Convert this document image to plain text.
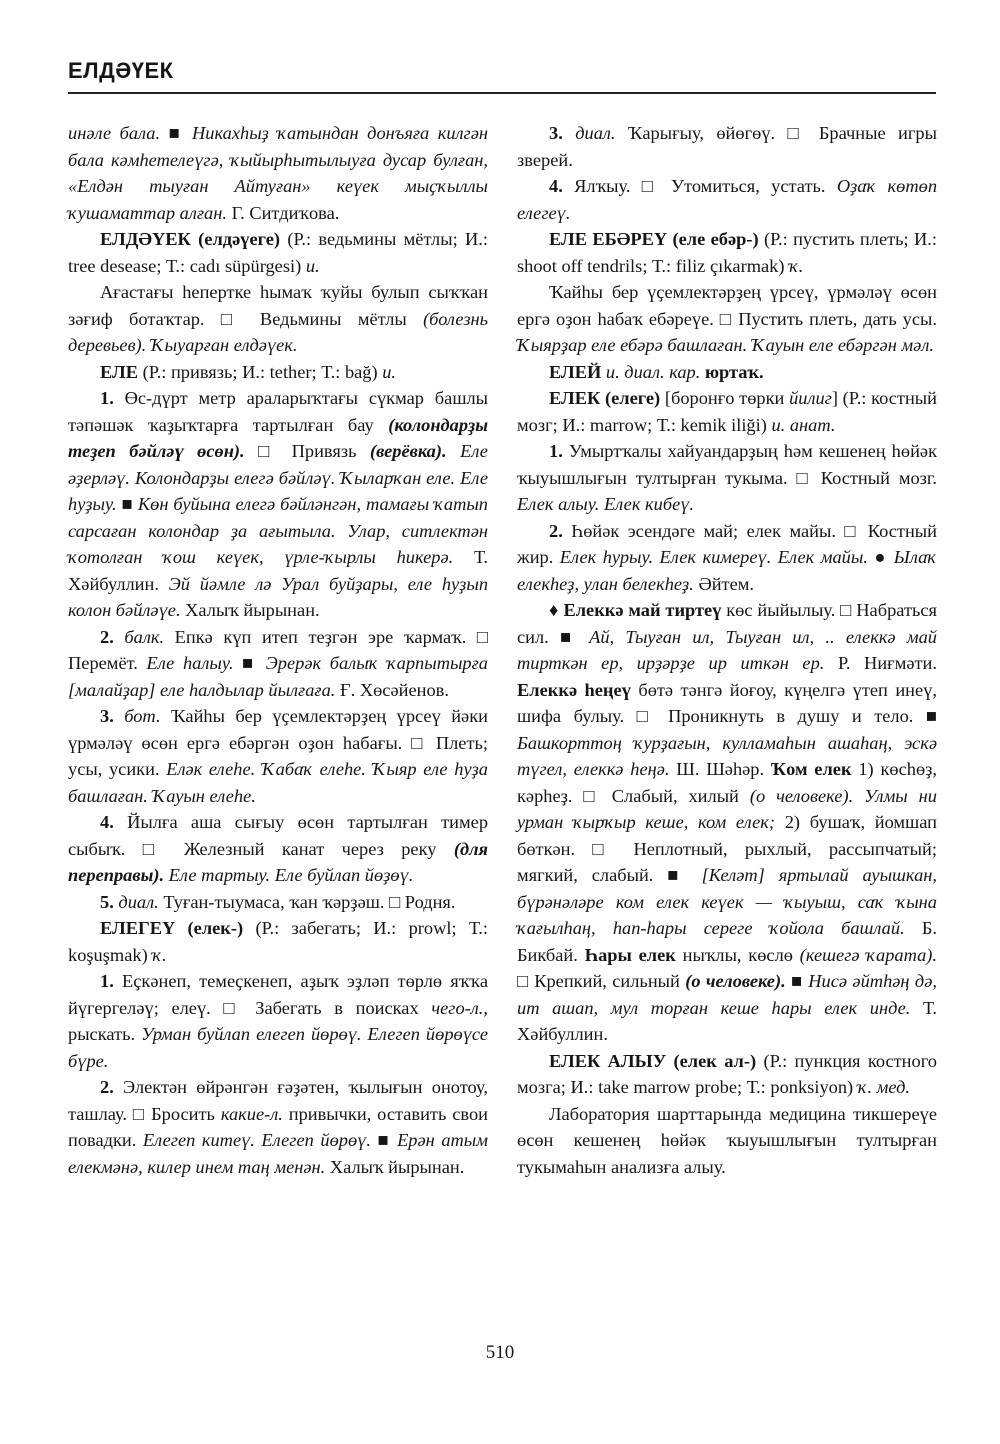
ЕЛДӘҮЕК

инәле бала. ■ Никахһыҙ ҡатындан донъяға килгән бала кәмһетелеүгә, ҡыйырһытылыуға дусар булған, «Елдән тыуған Айтуған» кеүек мыҫҡыллы ҡушаматтар алған. Г. Ситдиҡова.

ЕЛДӘҮЕК (елдәүеге) (Р.: ведьмины мётлы; И.: tree desease; Т.: cadı süpürgesi) и.

Ағастағы һепертке һымаҡ ҡуйы булып сыҡҡан зәғиф ботаҡтар. □ Ведьмины мётлы (болезнь деревьев). Ҡыуарған елдәүек.

ЕЛЕ (Р.: привязь; И.: tether; Т.: bağ) и.

1. Өс-дүрт метр араларыҡтағы сүкмар башлы тәпәшәк ҡаҙыҡтарға тартылған бау (колондарҙы теҙеп бәйләү өсөн). □ Привязь (верёвка). Еле әҙерләү. Колондарҙы елегә бәйләү. Ҡыларҡан еле. Еле һуҙыу. ■ Көн буйына елегә бәйләнгән, тамағы ҡатып сарсаған колондар ҙа ағытыла. Улар, ситлектән ҡотолған ҡош кеүек, үрле-ҡырлы һикерә. Т. Хәйбуллин. Эй йәмле лә Урал буйҙары, еле һуҙып колон бәйләүе. Халыҡ йырынан.

2. балк. Епкә күп итеп теҙгән эре ҡармаҡ. □ Перемёт. Еле һалыу. ■ Эрерәк балыҡ ҡарпытырға [малайҙар] еле һалдылар йылғаға. Ғ. Хөсәйенов.

3. бот. Ҡайһы бер үҫемлектәрҙең үрсеү йәки үрмәләү өсөн ергә ебәргән оҙон һабағы. □ Плеть; усы, усики. Еләк елеһе. Ҡабаҡ елеһе. Ҡыяр еле һуҙа башлаған. Ҡауын елеһе.

4. Йылға аша сығыу өсөн тартылған тимер сыбыҡ. □ Железный канат через реку (для переправы). Еле тартыу. Еле буйлап йөҙөү.

5. диал. Туған-тыумаса, ҡан ҡәрҙәш. □ Родня.

ЕЛЕГЕҮ (елек-) (Р.: забегать; И.: prowl; Т.: koşuşmak) ҡ.

1. Еҫкәнеп, темеҫкенеп, аҙыҡ эҙләп төрлө яҡҡа йүгергеләү; елеү. □ Забегать в поисках чего-л., рыскать. Урман буйлап елегеп йөрөү. Елегеп йөрөүсе бүре.

2. Электән өйрәнгән ғәҙәтен, ҡылығын онотоу, ташлау. □ Бросить какие-л. привычки, оставить свои повадки. Елегеп китеү. Елегеп йөрөү. ■ Ерән атым елекмәнә, килер инем таң менән. Халыҡ йырынан.

3. диал. Ҡарығыу, өйөгөү. □ Брачные игры зверей.

4. Ялҡыу. □ Утомиться, устать. Оҙаҡ көтөп елегеү.

ЕЛЕ ЕБӘРЕҮ (еле ебәр-) (Р.: пустить плеть; И.: shoot off tendrils; Т.: filiz çıkarmak) ҡ.

Ҡайһы бер үҫемлектәрҙең үрсеү, үрмәләү өсөн ергә оҙон һабаҡ ебәреүе. □ Пустить плеть, дать усы. Ҡыярҙар еле ебәрә башлаған. Ҡауын еле ебәргән мәл.

ЕЛЕЙ и. диал. кар. юртаҡ.

ЕЛЕК (елеге) [боронғо төрки йилиг] (Р.: костный мозг; И.: marrow; Т.: kemik iliği) и. анат.

1. Умыртҡалы хайуандарҙың һәм кешенең һөйәк ҡыуышлығын тултырған тукыма. □ Костный мозг. Елек алыу. Елек кибеү.

2. Һөйәк эсендәге май; елек майы. □ Костный жир. Елек һурыу. Елек кимереү. Елек майы. ● Ылаҡ елекһеҙ, улан белекһеҙ. Әйтем.

♦ Елеккә май тиртеү көс йыйылыу. □ Набраться сил. ■ Ай, Тыуған ил, Тыуған ил, .. елеккә май тирткән ер, ирҙәрҙе ир иткән ер. Р. Ниғмәти. Елеккә һеңеү бөтә тәнгә йоғоу, күңелгә үтеп инеү, шифа булыу. □ Проникнуть в душу и тело. ■ Башкорттоң ҡурҙағын, кулламаһын ашаһаң, эскә түгел, елеккә һеңә. Ш. Шәһәр. Ҡом елек 1) көсһөҙ, кәрһеҙ. □ Слабый, хилый (о человеке). Улмы ни урман ҡырҡыр кеше, ком елек; 2) бушаҡ, йомшап бөткән. □ Неплотный, рыхлый, рассыпчатый; мягкий, слабый. ■ [Келәт] яртылай ауышкан, бүрәнәләре ком елек кеүек — ҡыуыш, саҡ ҡына ҡағылһаң, һап-һары сереге ҡойола башлай. Б. Бикбай. Һары елек ныҡлы, көслө (кешегә ҡарата). □ Крепкий, сильный (о человеке). ■ Нисә әйтһәң дә, ит ашап, мул торған кеше һары елек инде. Т. Хәйбуллин.

ЕЛЕК АЛЫУ (елек ал-) (Р.: пункция костного мозга; И.: take marrow probe; Т.: ponksiyon) ҡ. мед.

Лаборатория шарттарында медицина тикшереүе өсөн кешенең һөйәк ҡыуышлығын тултырған тукымаһын анализға алыу.

510
